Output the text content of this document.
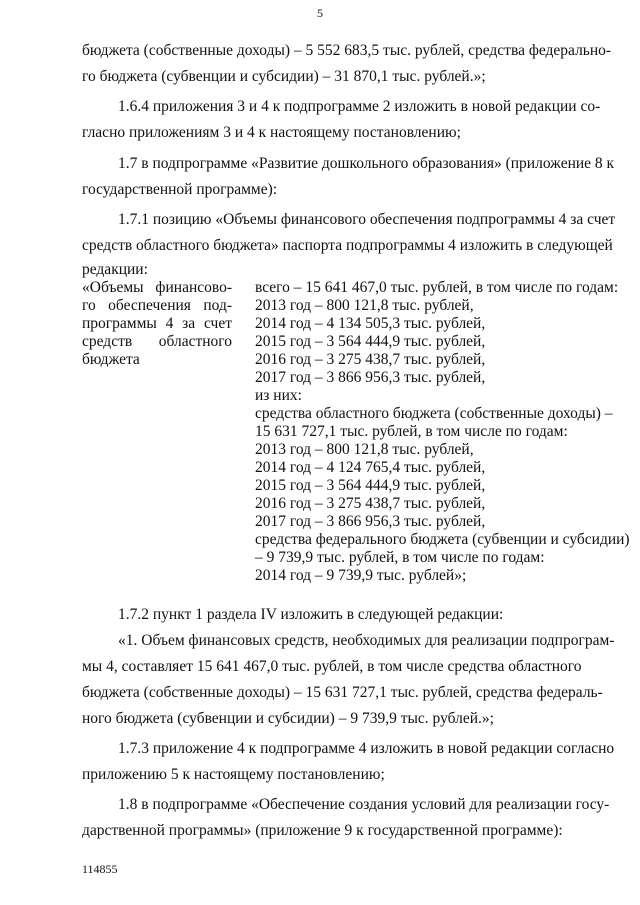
5
бюджета (собственные доходы) – 5 552 683,5 тыс. рублей, средства федерально-
го бюджета (субвенции и субсидии) – 31 870,1 тыс. рублей.»;
1.6.4 приложения 3 и 4 к подпрограмме 2 изложить в новой редакции со-
гласно приложениям 3 и 4 к настоящему постановлению;
1.7 в подпрограмме «Развитие дошкольного образования» (приложение 8 к
государственной программе):
1.7.1 позицию «Объемы финансового обеспечения подпрограммы 4 за счет
средств областного бюджета» паспорта подпрограммы 4 изложить в следующей
редакции:
«Объемы финансово-
го обеспечения под-
программы 4 за счет
средств областного
бюджета
всего – 15 641 467,0 тыс. рублей, в том числе по годам:
2013 год – 800 121,8 тыс. рублей,
2014 год – 4 134 505,3 тыс. рублей,
2015 год – 3 564 444,9 тыс. рублей,
2016 год – 3 275 438,7 тыс. рублей,
2017 год – 3 866 956,3 тыс. рублей,
из них:
средства областного бюджета (собственные доходы) –
15 631 727,1 тыс. рублей, в том числе по годам:
2013 год – 800 121,8 тыс. рублей,
2014 год – 4 124 765,4 тыс. рублей,
2015 год – 3 564 444,9 тыс. рублей,
2016 год – 3 275 438,7 тыс. рублей,
2017 год – 3 866 956,3 тыс. рублей,
средства федерального бюджета (субвенции и субсидии)
– 9 739,9 тыс. рублей, в том числе по годам:
2014 год – 9 739,9 тыс. рублей»;
1.7.2 пункт 1 раздела IV изложить в следующей редакции:
«1. Объем финансовых средств, необходимых для реализации подпрограм-
мы 4, составляет 15 641 467,0 тыс. рублей, в том числе средства областного
бюджета (собственные доходы) – 15 631 727,1 тыс. рублей, средства федераль-
ного бюджета (субвенции и субсидии) – 9 739,9 тыс. рублей.»;
1.7.3 приложение 4 к подпрограмме 4 изложить в новой редакции согласно
приложению 5 к настоящему постановлению;
1.8 в подпрограмме «Обеспечение создания условий для реализации госу-
дарственной программы» (приложение 9 к государственной программе):
114855
